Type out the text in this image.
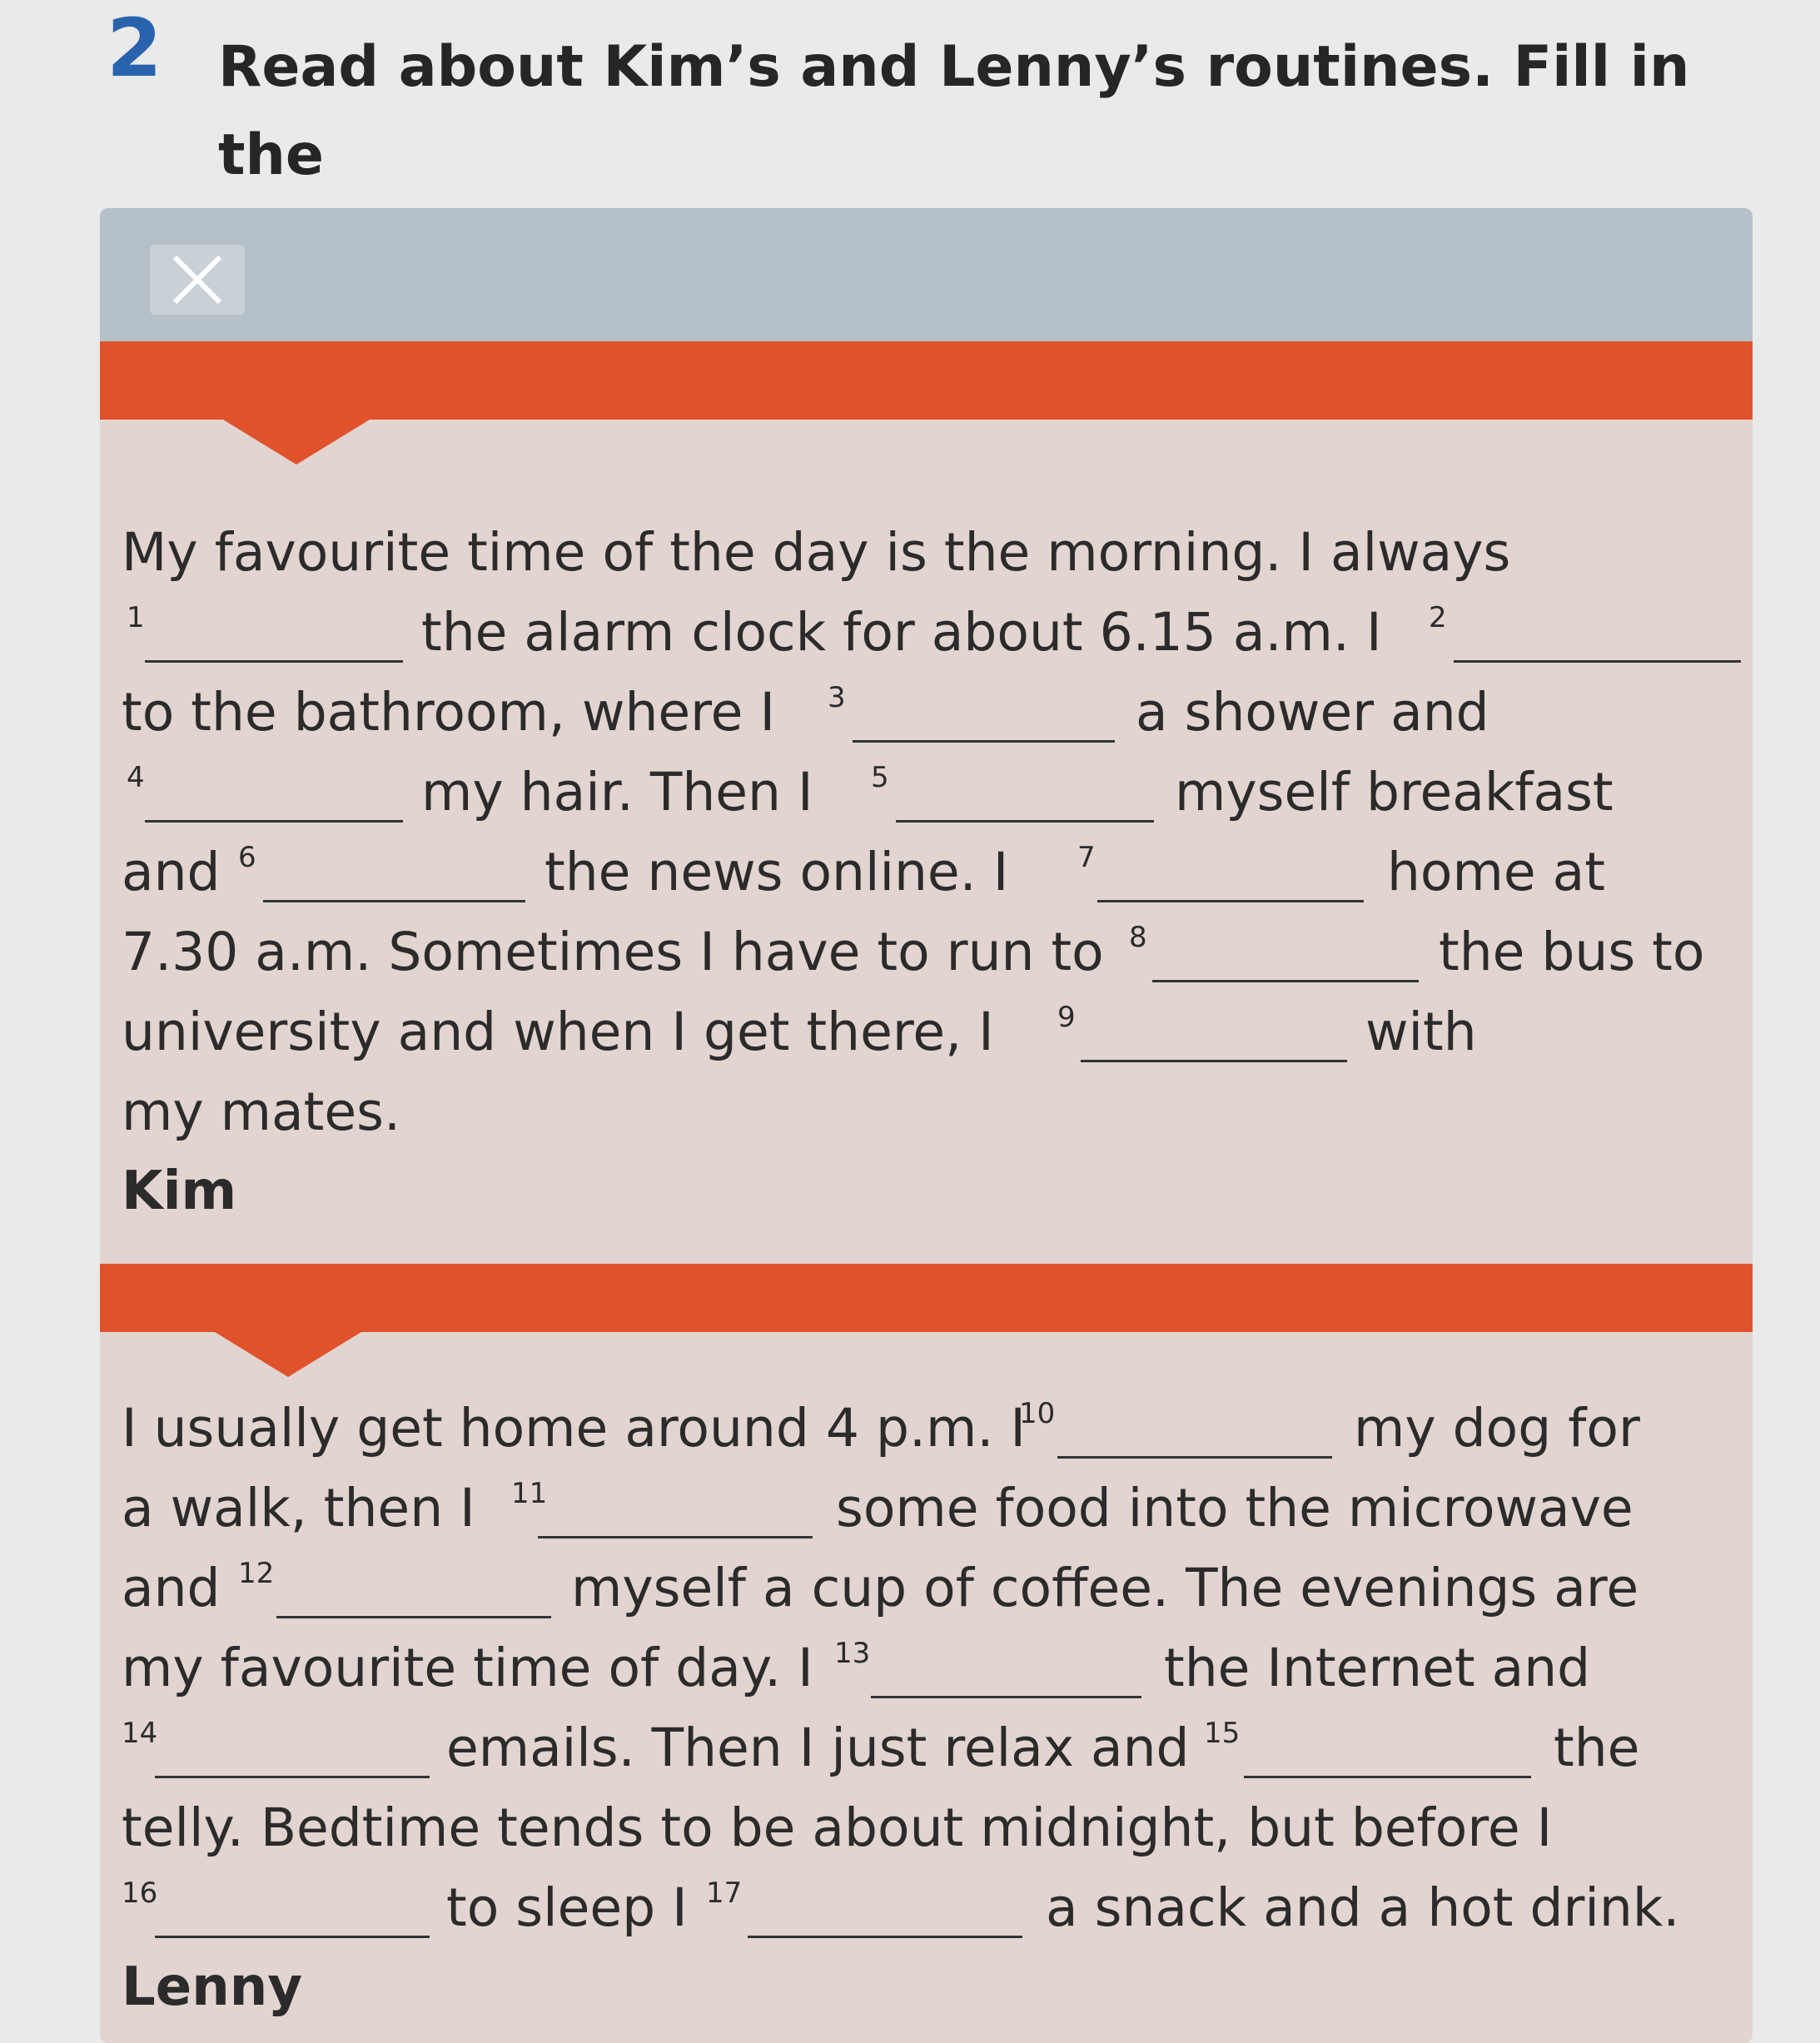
2 Read about Kim’s and Lenny’s routines. Fill in the
My favourite time of the day is the morning. I always
1	the alarm clock for about 6.15 a.m. I 2
to the bathroom, where I 3	a shower and
4	my hair. Then I 5	myself breakfast
and 6	the news online. I 7	home at
7.30 a.m. Sometimes I have to run to 8	the bus to
university and when I get there, I 9	with
my mates.
Kim
I usually get home around 4 p.m. I
10	my dog for
a walk, then I 11	some food into the microwave
and 12	myself a cup of coffee. The evenings are
my favourite time of day. I 13	the Internet and
14	emails. Then I just relax and 15	the
telly. Bedtime tends to be about midnight, but before I
16	to sleep I 17	a snack and a hot drink.
Lenny
